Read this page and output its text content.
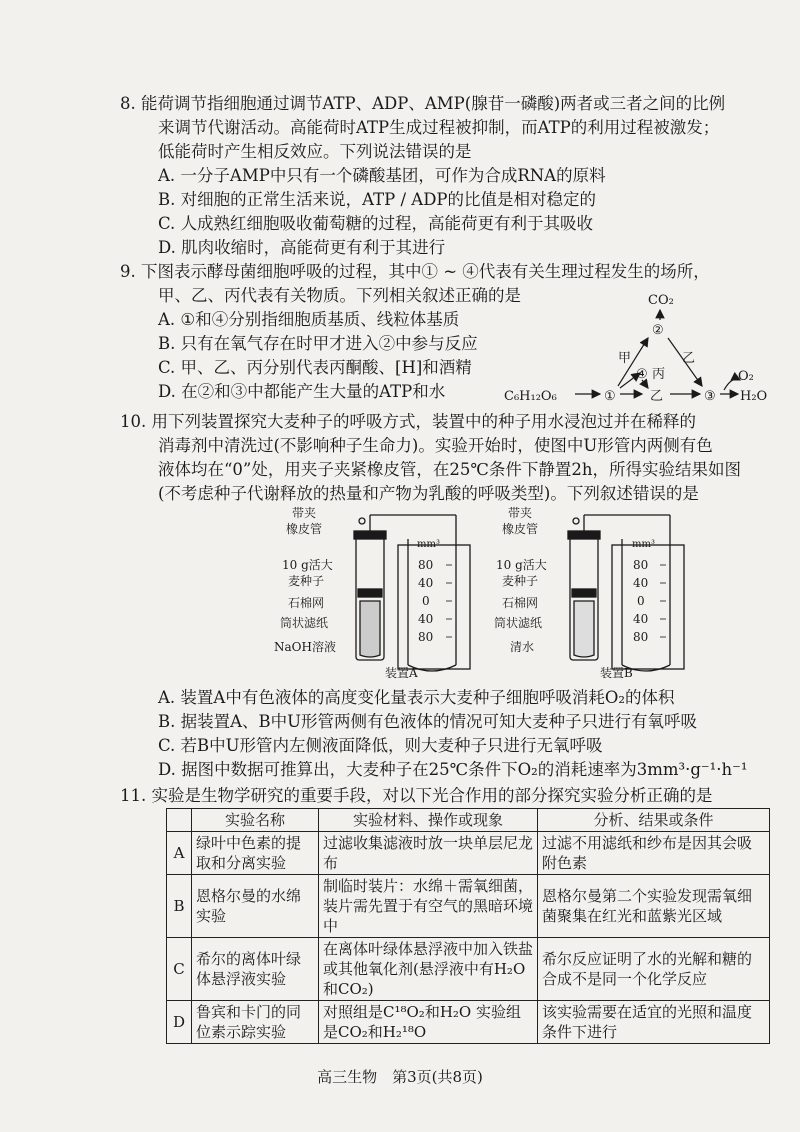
8. 能荷调节指细胞通过调节ATP、ADP、AMP(腺苷一磷酸)两者或三者之间的比例
来调节代谢活动。高能荷时ATP生成过程被抑制，而ATP的利用过程被激发；
低能荷时产生相反效应。下列说法错误的是
A. 一分子AMP中只有一个磷酸基团，可作为合成RNA的原料
B. 对细胞的正常生活来说，ATP / ADP的比值是相对稳定的
C. 人成熟红细胞吸收葡萄糖的过程，高能荷更有利于其吸收
D. 肌肉收缩时，高能荷更有利于其进行
9. 下图表示酵母菌细胞呼吸的过程，其中① ~ ④代表有关生理过程发生的场所，
甲、乙、丙代表有关物质。下列相关叙述正确的是
A. ①和④分别指细胞质基质、线粒体基质
B. 只有在氧气存在时甲才进入②中参与反应
C. 甲、乙、丙分别代表丙酮酸、[H]和酒精
D. 在②和③中都能产生大量的ATP和水
CO₂
②
甲	乙
④ 丙
C₆H₁₂O₆	①	乙	③
O₂
H₂O
10. 用下列装置探究大麦种子的呼吸方式，装置中的种子用水浸泡过并在稀释的
消毒剂中清洗过(不影响种子生命力)。实验开始时，使图中U形管内两侧有色
液体均在“0”处，用夹子夹紧橡皮管，在25℃条件下静置2h，所得实验结果如图
(不考虑种子代谢释放的热量和产物为乳酸的呼吸类型)。下列叙述错误的是
带夹
橡皮管
10 g活大
麦种子
石棉网
筒状滤纸
NaOH溶液
装置A
带夹
橡皮管
10 g活大
麦种子
石棉网
筒状滤纸
清水
装置B
mm³
80
40
0
40
80
mm³
80
40
0
40
80
A. 装置A中有色液体的高度变化量表示大麦种子细胞呼吸消耗O₂的体积
B. 据装置A、B中U形管两侧有色液体的情况可知大麦种子只进行有氧呼吸
C. 若B中U形管内左侧液面降低，则大麦种子只进行无氧呼吸
D. 据图中数据可推算出，大麦种子在25℃条件下O₂的消耗速率为3mm³·g⁻¹·h⁻¹
11. 实验是生物学研究的重要手段，对以下光合作用的部分探究实验分析正确的是
	实验名称	实验材料、操作或现象	分析、结果或条件
A	绿叶中色素的提取和分离实验	过滤收集滤液时放一块单层尼龙布	过滤不用滤纸和纱布是因其会吸附色素
B	恩格尔曼的水绵实验	制临时装片：水绵＋需氧细菌，装片需先置于有空气的黑暗环境中	恩格尔曼第二个实验发现需氧细菌聚集在红光和蓝紫光区域
C	希尔的离体叶绿体悬浮液实验	在离体叶绿体悬浮液中加入铁盐或其他氧化剂(悬浮液中有H₂O和CO₂)	希尔反应证明了水的光解和糖的合成不是同一个化学反应
D	鲁宾和卡门的同位素示踪实验	对照组是C¹⁸O₂和H₂O 实验组是CO₂和H₂¹⁸O	该实验需要在适宜的光照和温度条件下进行
高三生物　第3页(共8页)
